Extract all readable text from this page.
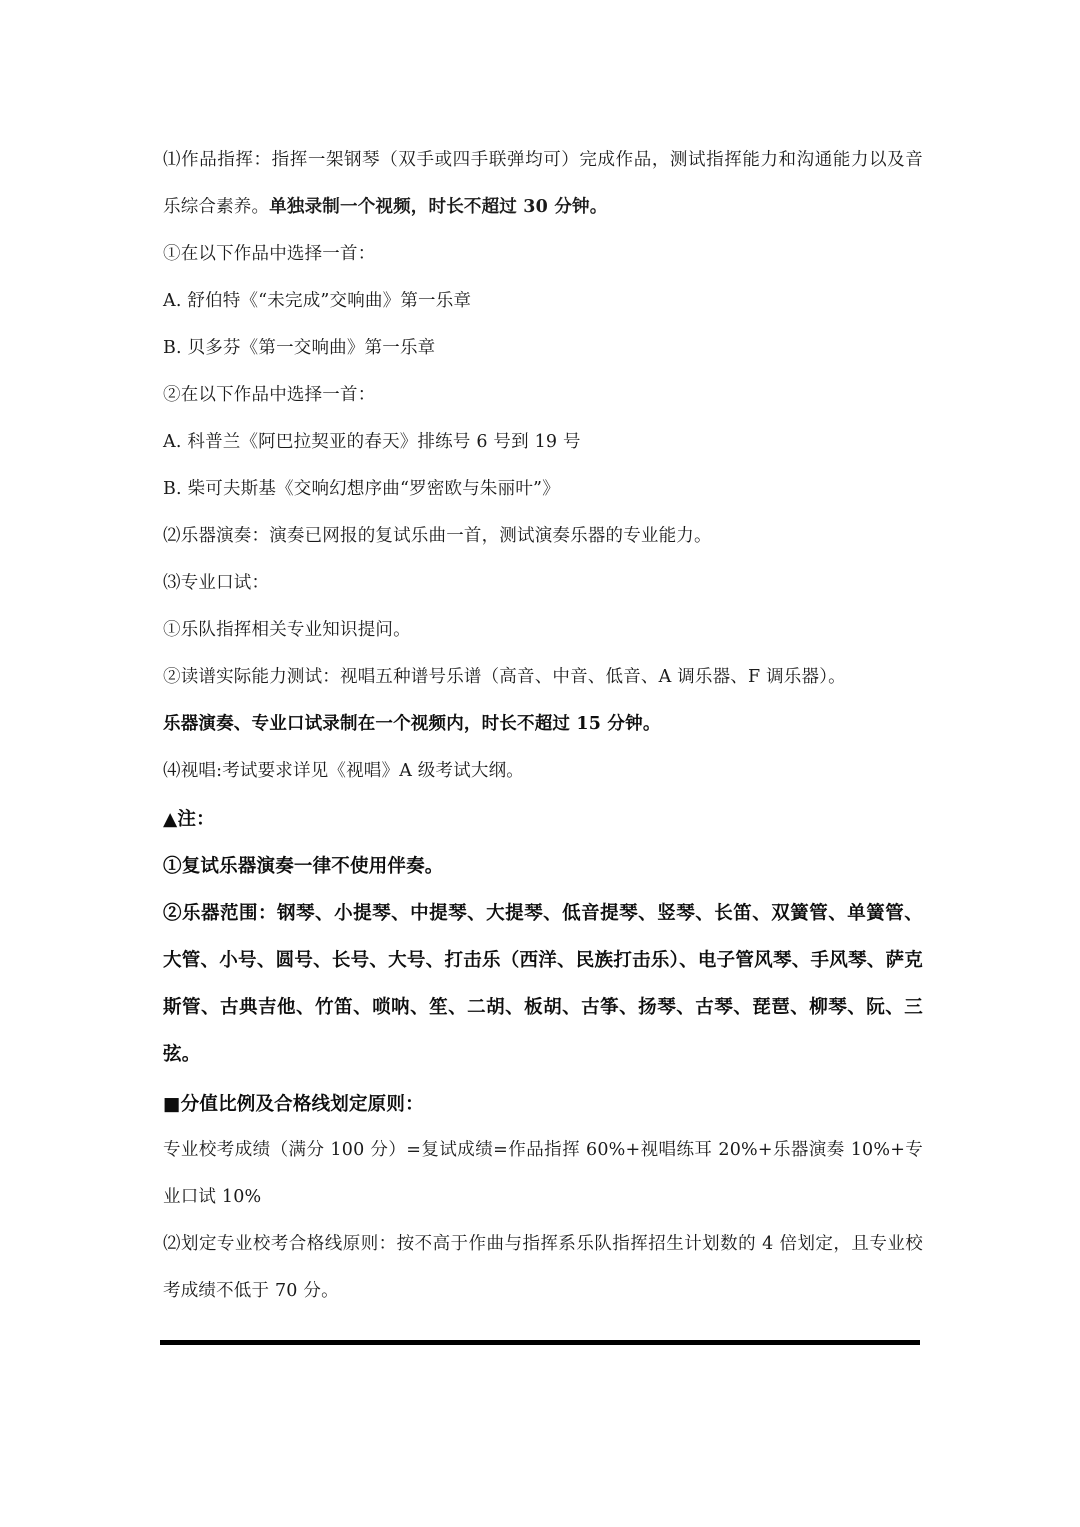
⑴作品指挥：指挥一架钢琴（双手或四手联弹均可）完成作品，测试指挥能力和沟通能力以及音乐综合素养。单独录制一个视频，时长不超过 30 分钟。
①在以下作品中选择一首：
A. 舒伯特《“未完成”交响曲》第一乐章
B. 贝多芬《第一交响曲》第一乐章
②在以下作品中选择一首：
A. 科普兰《阿巴拉契亚的春天》排练号 6 号到 19 号
B. 柴可夫斯基《交响幻想序曲“罗密欧与朱丽叶”》
⑵乐器演奏：演奏已网报的复试乐曲一首，测试演奏乐器的专业能力。
⑶专业口试：
①乐队指挥相关专业知识提问。
②读谱实际能力测试：视唱五种谱号乐谱（高音、中音、低音、A 调乐器、F 调乐器）。
乐器演奏、专业口试录制在一个视频内，时长不超过 15 分钟。
⑷视唱:考试要求详见《视唱》A 级考试大纲。
▲注：
①复试乐器演奏一律不使用伴奏。
②乐器范围：钢琴、小提琴、中提琴、大提琴、低音提琴、竖琴、长笛、双簧管、单簧管、大管、小号、圆号、长号、大号、打击乐（西洋、民族打击乐）、电子管风琴、手风琴、萨克斯管、古典吉他、竹笛、唢呐、笙、二胡、板胡、古筝、扬琴、古琴、琵琶、柳琴、阮、三弦。
■分值比例及合格线划定原则：
专业校考成绩（满分 100 分）=复试成绩=作品指挥 60%+视唱练耳 20%+乐器演奏 10%+专业口试 10%
⑵划定专业校考合格线原则：按不高于作曲与指挥系乐队指挥招生计划数的 4 倍划定，且专业校考成绩不低于 70 分。
